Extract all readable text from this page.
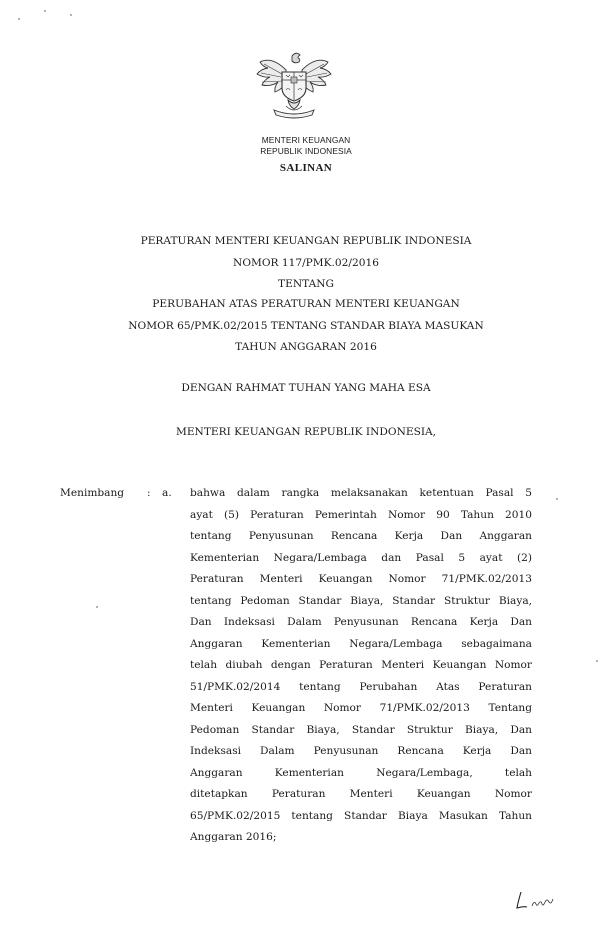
MENTERI KEUANGAN
REPUBLIK INDONESIA
SALINAN
PERATURAN MENTERI KEUANGAN REPUBLIK INDONESIA
NOMOR 117/PMK.02/2016
TENTANG
PERUBAHAN ATAS PERATURAN MENTERI KEUANGAN
NOMOR 65/PMK.02/2015 TENTANG STANDAR BIAYA MASUKAN
TAHUN ANGGARAN 2016
DENGAN RAHMAT TUHAN YANG MAHA ESA
MENTERI KEUANGAN REPUBLIK INDONESIA,
Menimbang : a. bahwa dalam rangka melaksanakan ketentuan Pasal 5
ayat (5) Peraturan Pemerintah Nomor 90 Tahun 2010
tentang Penyusunan Rencana Kerja Dan Anggaran
Kementerian Negara/Lembaga dan Pasal 5 ayat (2)
Peraturan Menteri Keuangan Nomor 71/PMK.02/2013
tentang Pedoman Standar Biaya, Standar Struktur Biaya,
Dan Indeksasi Dalam Penyusunan Rencana Kerja Dan
Anggaran Kementerian Negara/Lembaga sebagaimana
telah diubah dengan Peraturan Menteri Keuangan Nomor
51/PMK.02/2014 tentang Perubahan Atas Peraturan
Menteri Keuangan Nomor 71/PMK.02/2013 Tentang
Pedoman Standar Biaya, Standar Struktur Biaya, Dan
Indeksasi Dalam Penyusunan Rencana Kerja Dan
Anggaran Kementerian Negara/Lembaga, telah
ditetapkan Peraturan Menteri Keuangan Nomor
65/PMK.02/2015 tentang Standar Biaya Masukan Tahun
Anggaran 2016;
